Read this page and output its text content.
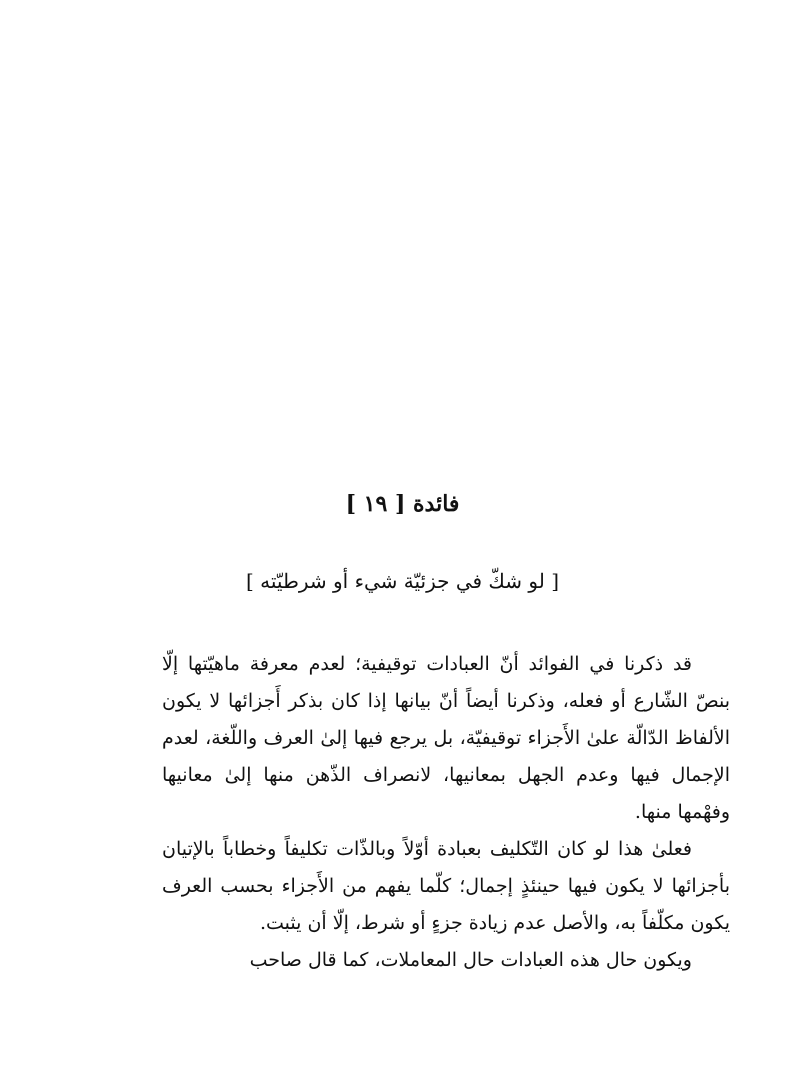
فائدة [ ١٩ ]
[ لو شكّ في جزئيّة شيء أو شرطيّته ]

قد ذكرنا في الفوائد أنّ العبادات توقيفية؛ لعدم معرفة ماهيّتها إلّا بنصّ الشّارع أو فعله، وذكرنا أيضاً أنّ بيانها إذا كان بذكر أَجزائها لا يكون الألفاظ الدّالّة علىٰ الأَجزاء توقيفيّة، بل يرجع فيها إلىٰ العرف واللّغة، لعدم الإجمال فيها وعدم الجهل بمعانيها، لانصراف الذّهن منها إلىٰ معانيها وفهْمها منها.

فعلىٰ هذا لو كان التّكليف بعبادة أوّلاً وبالذّات تكليفاً وخطاباً بالإتيان بأجزائها لا يكون فيها حينئذٍ إجمال؛ كلّما يفهم من الأَجزاء بحسب العرف يكون مكلّفاً به، والأصل عدم زيادة جزءٍ أو شرط، إلّا أن يثبت.

ويكون حال هذه العبادات حال المعاملات، كما قال صاحب
